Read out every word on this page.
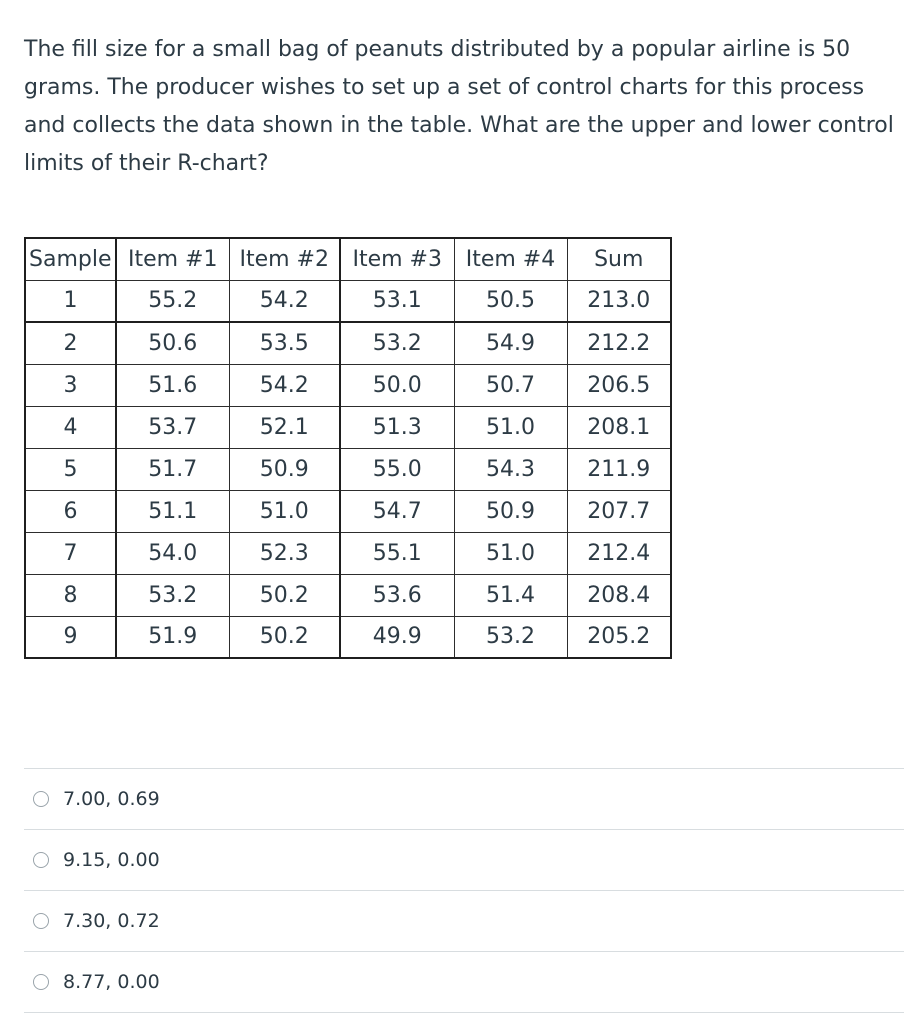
The fill size for a small bag of peanuts distributed by a popular airline is 50 grams. The producer wishes to set up a set of control charts for this process and collects the data shown in the table. What are the upper and lower control limits of their R-chart?
Sample	Item #1	Item #2	Item #3	Item #4	Sum
1	55.2	54.2	53.1	50.5	213.0
2	50.6	53.5	53.2	54.9	212.2
3	51.6	54.2	50.0	50.7	206.5
4	53.7	52.1	51.3	51.0	208.1
5	51.7	50.9	55.0	54.3	211.9
6	51.1	51.0	54.7	50.9	207.7
7	54.0	52.3	55.1	51.0	212.4
8	53.2	50.2	53.6	51.4	208.4
9	51.9	50.2	49.9	53.2	205.2
7.00, 0.69
9.15, 0.00
7.30, 0.72
8.77, 0.00
